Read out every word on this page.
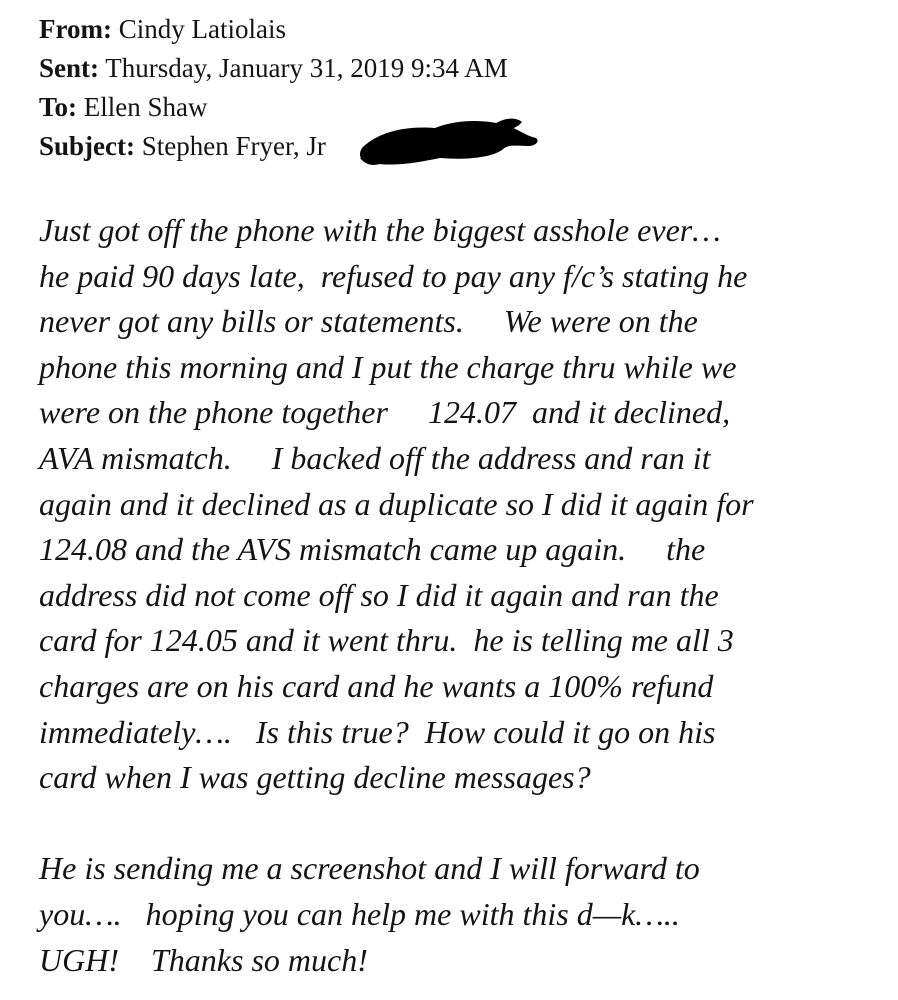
From: Cindy Latiolais
Sent: Thursday, January 31, 2019 9:34 AM
To: Ellen Shaw
Subject: Stephen Fryer, Jr
Just got off the phone with the biggest asshole ever…
he paid 90 days late,  refused to pay any f/c’s stating he
never got any bills or statements.     We were on the
phone this morning and I put the charge thru while we
were on the phone together     124.07  and it declined,
AVA mismatch.     I backed off the address and ran it
again and it declined as a duplicate so I did it again for
124.08 and the AVS mismatch came up again.     the
address did not come off so I did it again and ran the
card for 124.05 and it went thru.  he is telling me all 3
charges are on his card and he wants a 100% refund
immediately….   Is this true?  How could it go on his
card when I was getting decline messages?
He is sending me a screenshot and I will forward to
you….   hoping you can help me with this d—k…..
UGH!    Thanks so much!
